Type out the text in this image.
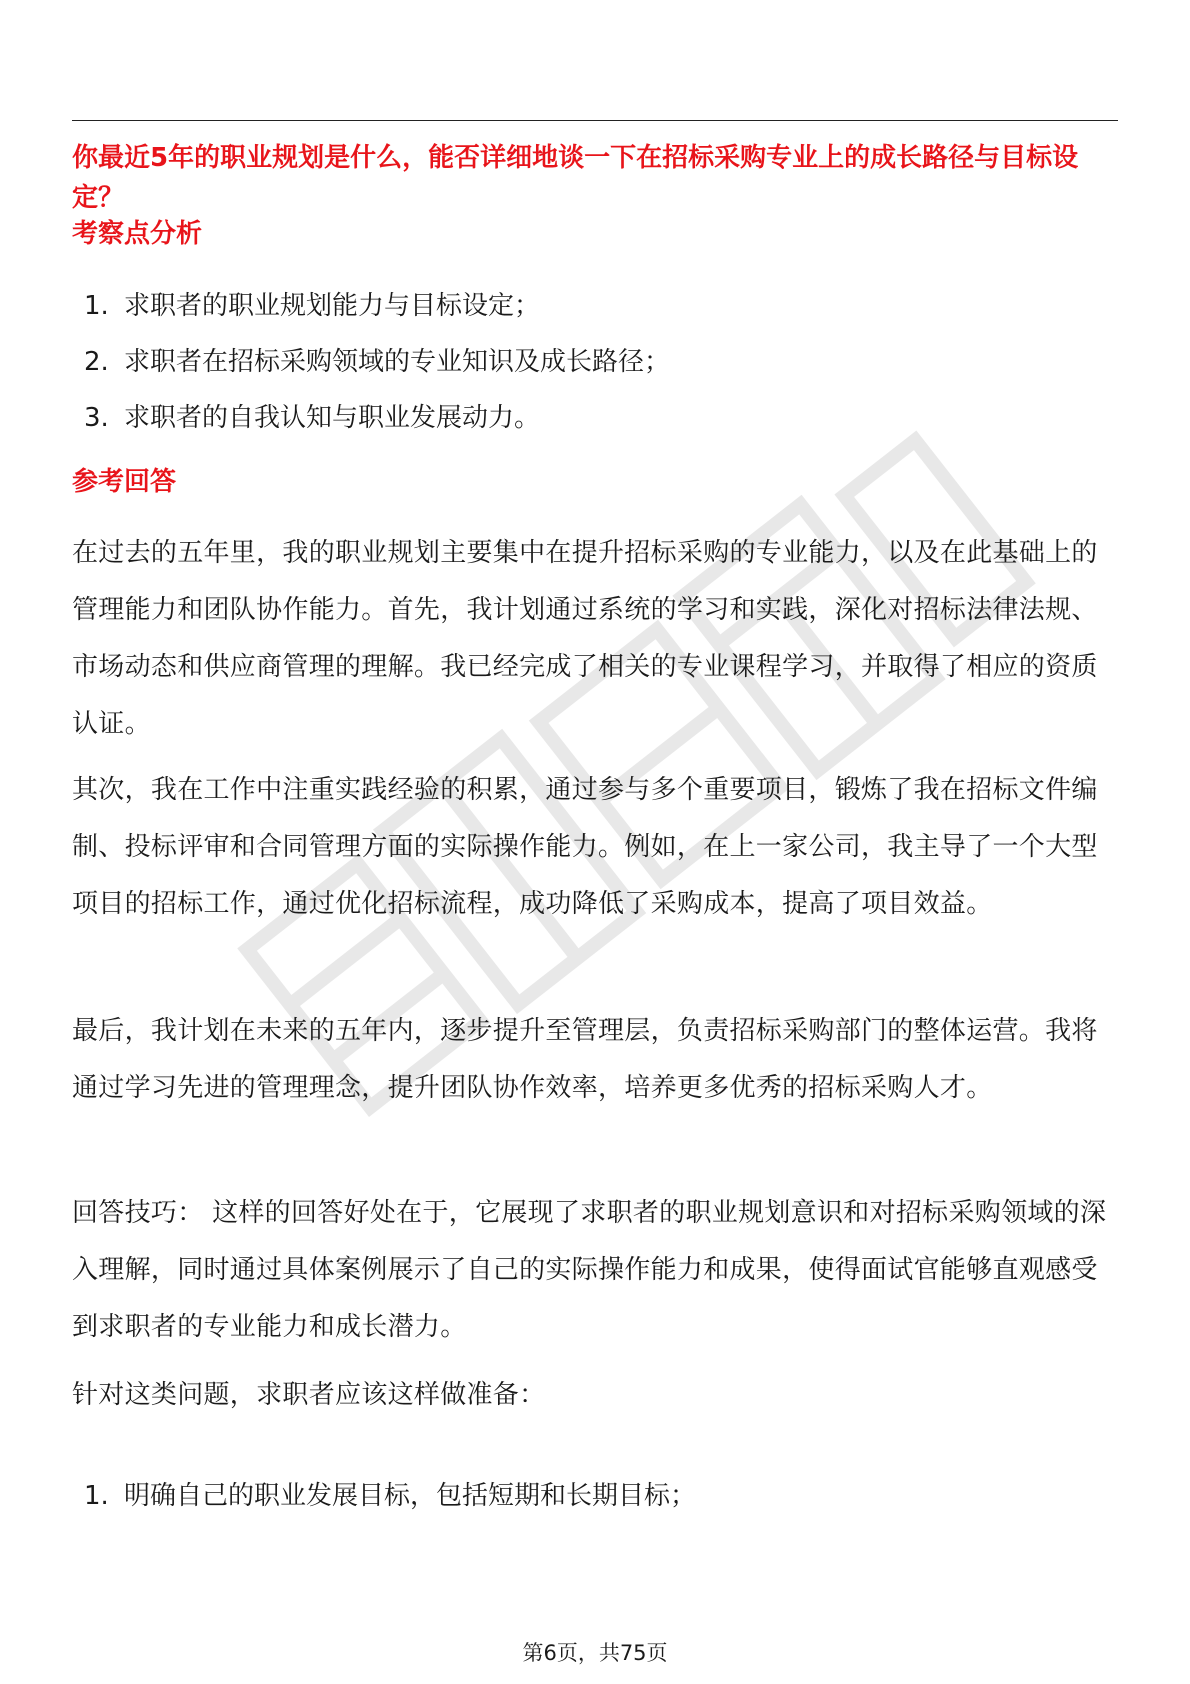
你最近5年的职业规划是什么，能否详细地谈一下在招标采购专业上的成长路径与目标设定？
考察点分析
1. 求职者的职业规划能力与目标设定；
2. 求职者在招标采购领域的专业知识及成长路径；
3. 求职者的自我认知与职业发展动力。
参考回答

在过去的五年里，我的职业规划主要集中在提升招标采购的专业能力，以及在此基础上的管理能力和团队协作能力。首先，我计划通过系统的学习和实践，深化对招标法律法规、市场动态和供应商管理的理解。我已经完成了相关的专业课程学习，并取得了相应的资质认证。

其次，我在工作中注重实践经验的积累，通过参与多个重要项目，锻炼了我在招标文件编制、投标评审和合同管理方面的实际操作能力。例如，在上一家公司，我主导了一个大型项目的招标工作，通过优化招标流程，成功降低了采购成本，提高了项目效益。

最后，我计划在未来的五年内，逐步提升至管理层，负责招标采购部门的整体运营。我将通过学习先进的管理理念，提升团队协作效率，培养更多优秀的招标采购人才。

回答技巧： 这样的回答好处在于，它展现了求职者的职业规划意识和对招标采购领域的深入理解，同时通过具体案例展示了自己的实际操作能力和成果，使得面试官能够直观感受到求职者的专业能力和成长潜力。

针对这类问题，求职者应该这样做准备：

1. 明确自己的职业发展目标，包括短期和长期目标；
第6页，共75页
